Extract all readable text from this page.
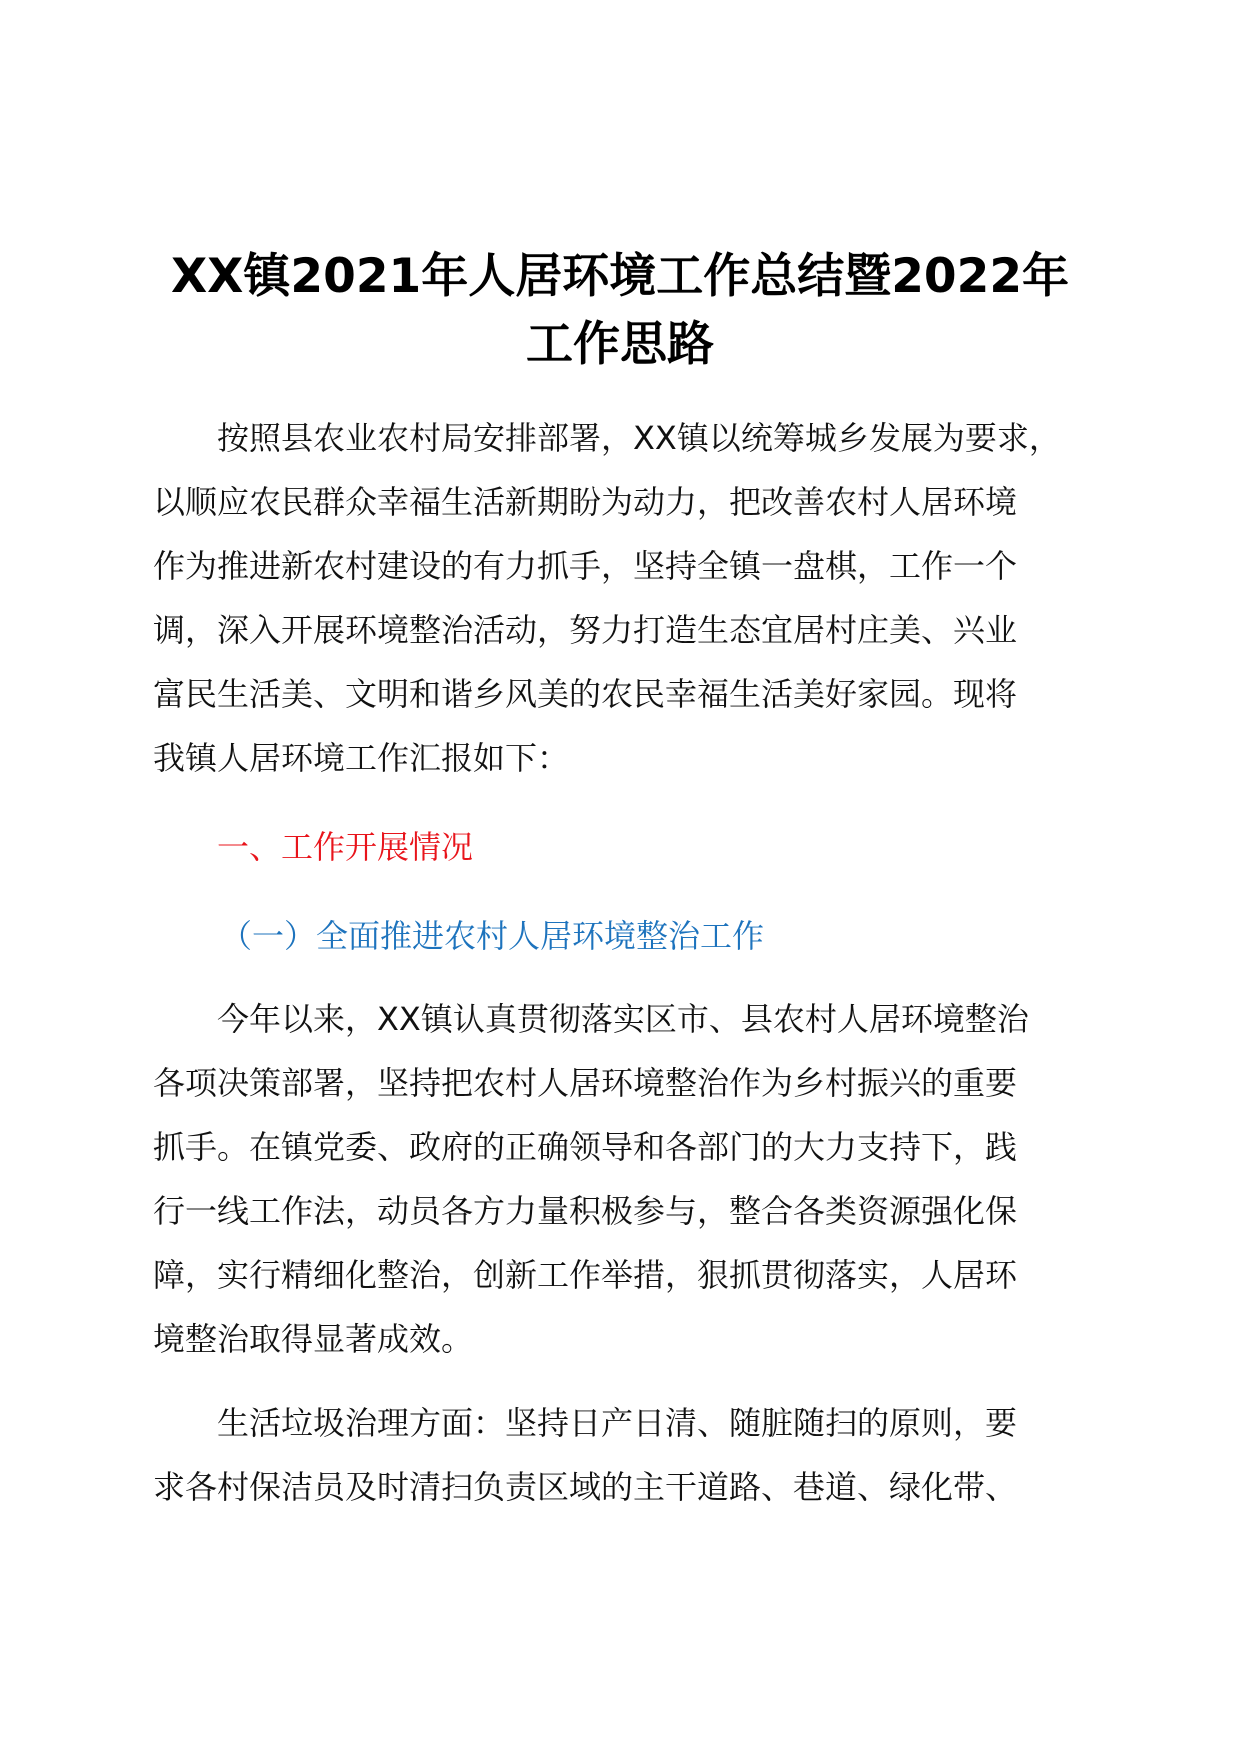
XX镇2021年人居环境工作总结暨2022年
工作思路
按照县农业农村局安排部署，XX镇以统筹城乡发展为要求，
以顺应农民群众幸福生活新期盼为动力，把改善农村人居环境
作为推进新农村建设的有力抓手，坚持全镇一盘棋，工作一个
调，深入开展环境整治活动，努力打造生态宜居村庄美、兴业
富民生活美、文明和谐乡风美的农民幸福生活美好家园。现将
我镇人居环境工作汇报如下：
一、工作开展情况
（一）全面推进农村人居环境整治工作
今年以来，XX镇认真贯彻落实区市、县农村人居环境整治
各项决策部署，坚持把农村人居环境整治作为乡村振兴的重要
抓手。在镇党委、政府的正确领导和各部门的大力支持下，践
行一线工作法，动员各方力量积极参与，整合各类资源强化保
障，实行精细化整治，创新工作举措，狠抓贯彻落实，人居环
境整治取得显著成效。
生活垃圾治理方面：坚持日产日清、随脏随扫的原则，要
求各村保洁员及时清扫负责区域的主干道路、巷道、绿化带、
